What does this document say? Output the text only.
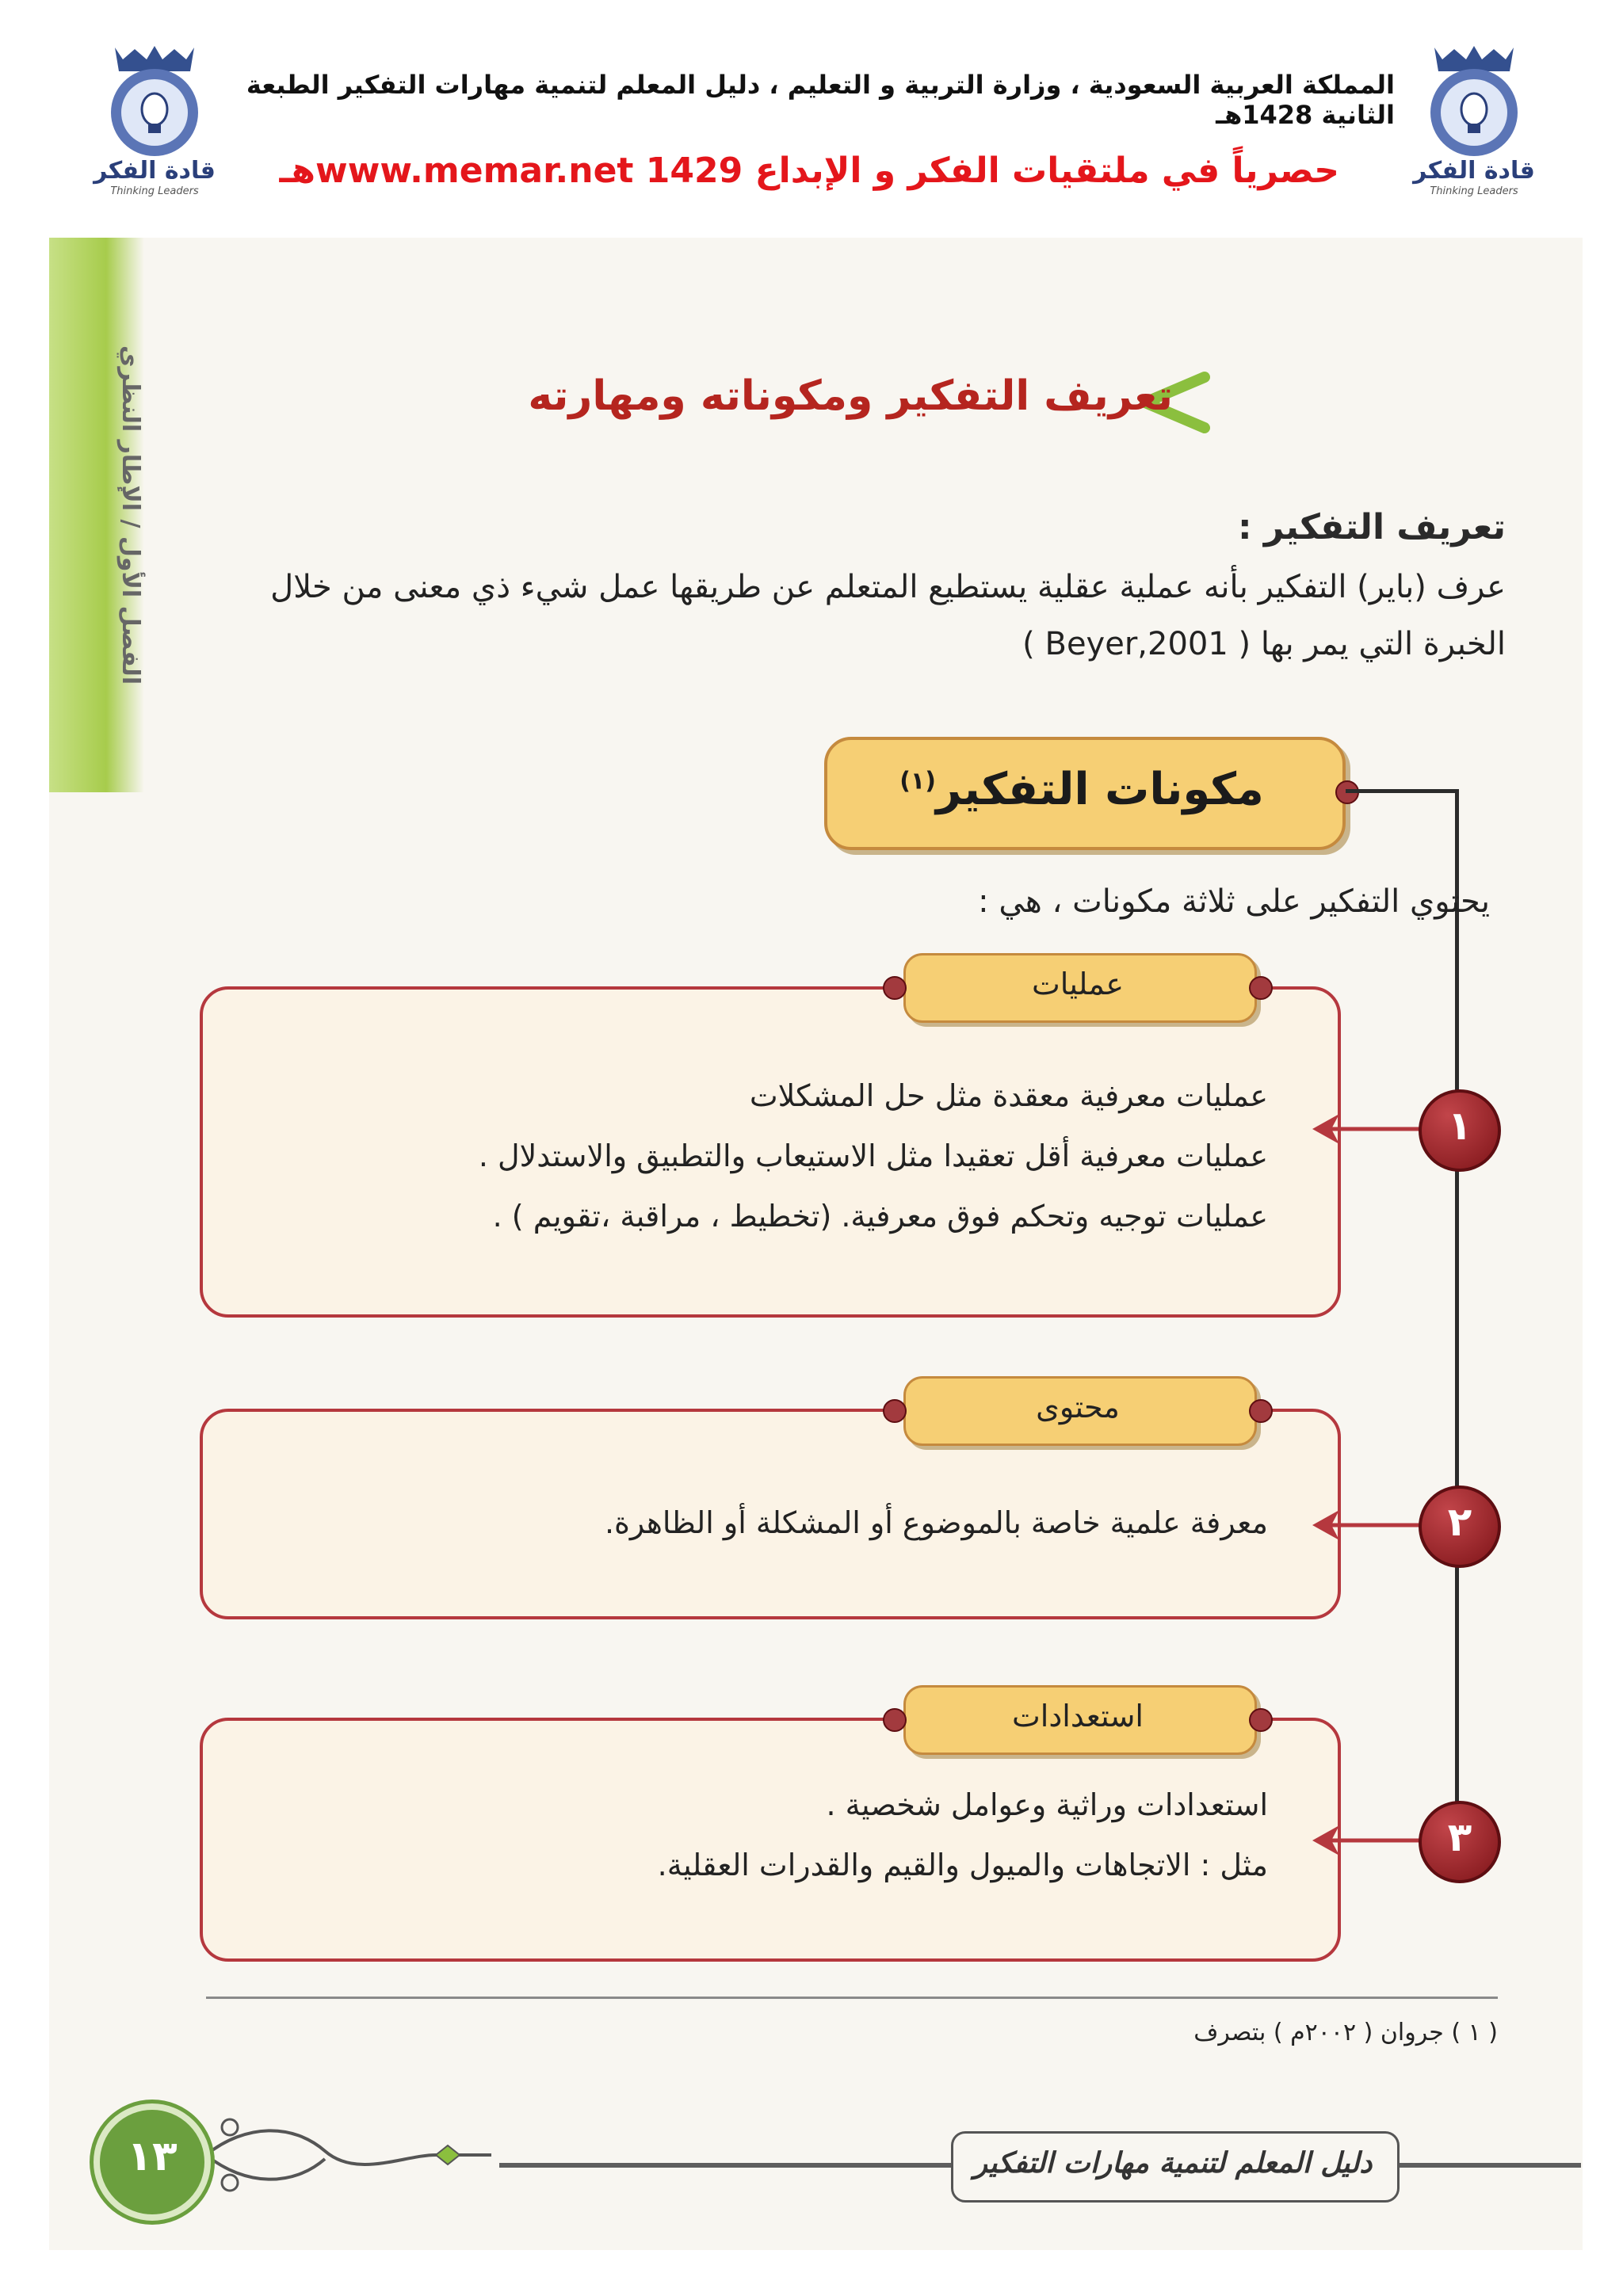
قادة الفكر
Thinking Leaders
قادة الفكر
Thinking Leaders
المملكة العربية السعودية ، وزارة التربية و التعليم ، دليل المعلم لتنمية مهارات التفكير الطبعة الثانية 1428هـ
حصرياً في ملتقيات الفكر و الإبداع www.memar.net 1429هـ
الفصل الأول / الإطار النظري	تعريف التفكير ومكوناته ومهارته
تعريف التفكير :
عرف (باير) التفكير بأنه عملية عقلية يستطيع المتعلم عن طريقها عمل شيء ذي معنى من خلال الخبرة التي يمر بها ( Beyer,2001 )
مكونات التفكير$^{(١)}$
يحتوي التفكير على ثلاثة مكونات ، هي :
عمليات
عمليات معرفية معقدة مثل حل المشكلات
عمليات معرفية أقل تعقيدا مثل الاستيعاب والتطبيق والاستدلال .
عمليات توجيه وتحكم فوق معرفية. (تخطيط ، مراقبة ،تقويم ) .
١
محتوى
معرفة علمية خاصة بالموضوع أو المشكلة أو الظاهرة.	٢
استعدادات
استعدادات وراثية وعوامل شخصية .
مثل : الاتجاهات والميول والقيم والقدرات العقلية.
٣
( ١ ) جروان ( ٢٠٠٢م ) بتصرف
دليل المعلم لتنمية مهارات التفكير
١٣
